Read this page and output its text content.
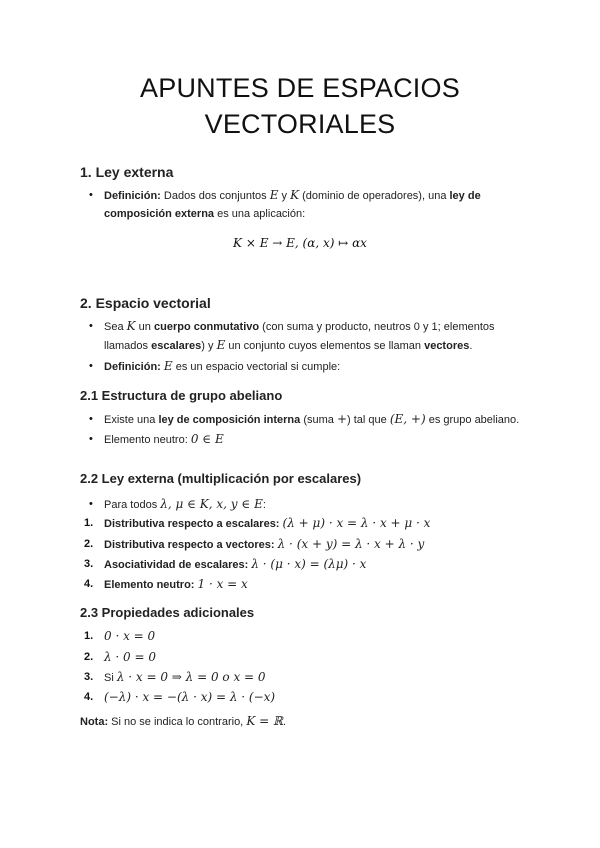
APUNTES DE ESPACIOS
VECTORIALES
1. Ley externa
• Definición: Dados dos conjuntos E y K (dominio de operadores), una ley de
composición externa es una aplicación:
K × E → E, (α, x) ↦ αx
2. Espacio vectorial
• Sea K un cuerpo conmutativo (con suma y producto, neutros 0 y 1; elementos
llamados escalares) y E un conjunto cuyos elementos se llaman vectores.
• Definición: E es un espacio vectorial si cumple:
2.1 Estructura de grupo abeliano
• Existe una ley de composición interna (suma +) tal que (E, +) es grupo abeliano.
• Elemento neutro: 0 ∈ E
2.2 Ley externa (multiplicación por escalares)
• Para todos λ, μ ∈ K, x, y ∈ E:
1. Distributiva respecto a escalares: (λ + μ) · x = λ · x + μ · x
2. Distributiva respecto a vectores: λ · (x + y) = λ · x + λ · y
3. Asociatividad de escalares: λ · (μ · x) = (λμ) · x
4. Elemento neutro: 1 · x = x
2.3 Propiedades adicionales
1. 0 · x = 0
2. λ · 0 = 0
3. Si λ · x = 0 ⇒ λ = 0 o x = 0
4. (−λ) · x = −(λ · x) = λ · (−x)
Nota: Si no se indica lo contrario, K = ℝ.
